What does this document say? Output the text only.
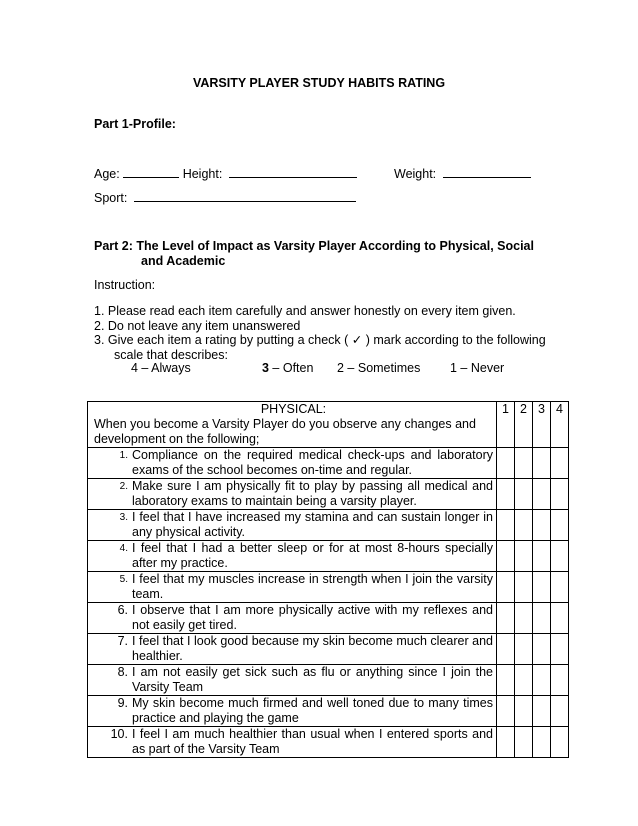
VARSITY PLAYER STUDY HABITS RATING
Part 1-Profile:
Age:	Height:	Weight:
Sport:
Part 2: The Level of Impact as Varsity Player According to Physical, Social
and Academic
Instruction:
1. Please read each item carefully and answer honestly on every item given.
2. Do not leave any item unanswered
3. Give each item a rating by putting a check ( ✓ ) mark according to the following
scale that describes:
4 – Always	3 – Often 2 – Sometimes 1 – Never
PHYSICAL:
When you become a Varsity Player do you observe any changes and development on the following;	1	2	3	4

1. Compliance on the required medical check-ups and laboratory exams of the school becomes on-time and regular.				

2. Make sure I am physically fit to play by passing all medical and laboratory exams to maintain being a varsity player.				

3. I feel that I have increased my stamina and can sustain longer in any physical activity.				

4. I feel that I had a better sleep or for at most 8-hours specially after my practice.				

5. I feel that my muscles increase in strength when I join the varsity team.				

6. I observe that I am more physically active with my reflexes and not easily get tired.				

7. I feel that I look good because my skin become much clearer and healthier.				

8. I am not easily get sick such as flu or anything since I join the Varsity Team				

9. My skin become much firmed and well toned due to many times practice and playing the game				

10. I feel I am much healthier than usual when I entered sports and as part of the Varsity Team				
